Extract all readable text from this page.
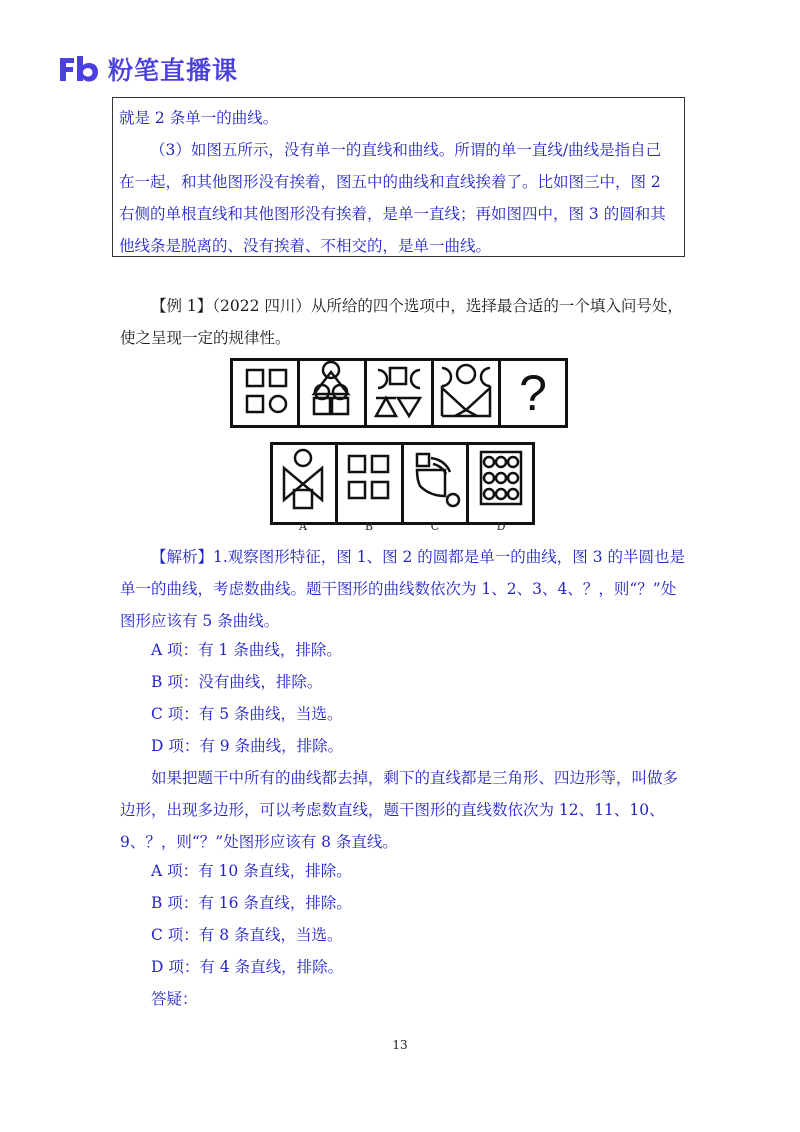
粉笔直播课

就是 2 条单一的曲线。

（3）如图五所示，没有单一的直线和曲线。所谓的单一直线/曲线是指自己在一起，和其他图形没有挨着，图五中的曲线和直线挨着了。比如图三中，图 2 右侧的单根直线和其他图形没有挨着，是单一直线；再如图四中，图 3 的圆和其他线条是脱离的、没有挨着、不相交的，是单一曲线。

【例 1】（2022 四川）从所给的四个选项中，选择最合适的一个填入问号处，使之呈现一定的规律性。

?
A	B	C	D

【解析】1.观察图形特征，图 1、图 2 的圆都是单一的曲线，图 3 的半圆也是单一的曲线，考虑数曲线。题干图形的曲线数依次为 1、2、3、4、？，则“？”处图形应该有 5 条曲线。

A 项：有 1 条曲线，排除。

B 项：没有曲线，排除。

C 项：有 5 条曲线，当选。

D 项：有 9 条曲线，排除。

如果把题干中所有的曲线都去掉，剩下的直线都是三角形、四边形等，叫做多边形，出现多边形，可以考虑数直线，题干图形的直线数依次为 12、11、10、9、？，则“？”处图形应该有 8 条直线。

A 项：有 10 条直线，排除。

B 项：有 16 条直线，排除。

C 项：有 8 条直线，当选。

D 项：有 4 条直线，排除。

答疑：

13
